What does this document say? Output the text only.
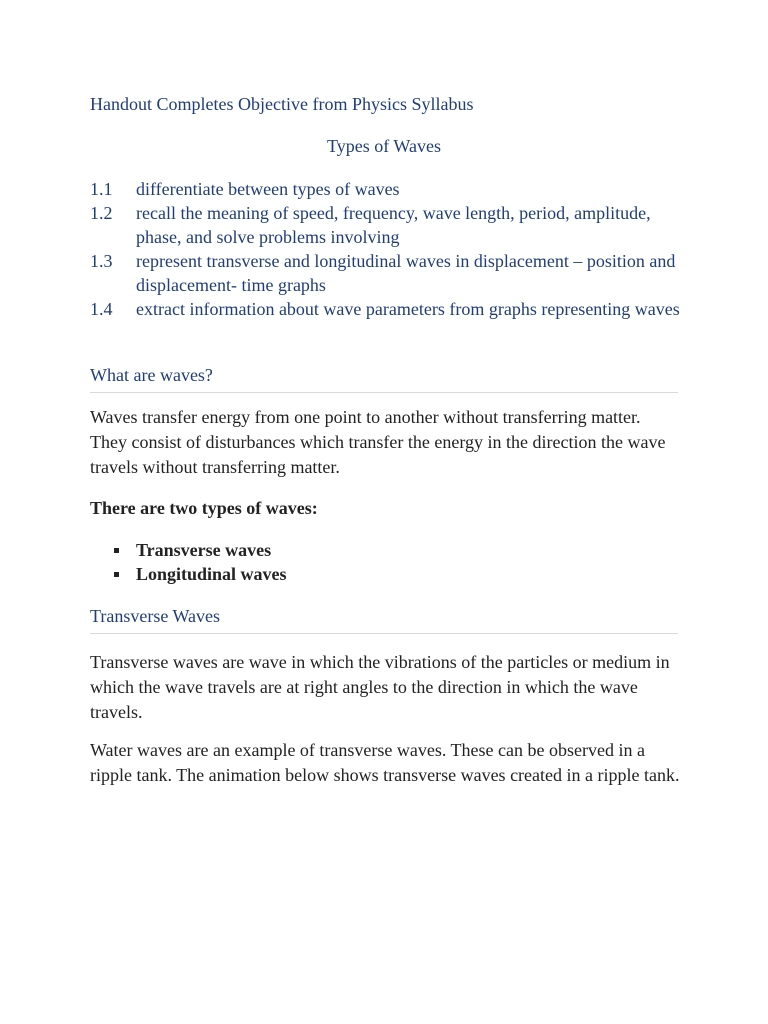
Handout Completes Objective from Physics Syllabus
Types of Waves
1.1	differentiate between types of waves
1.2	recall the meaning of speed, frequency, wave length, period, amplitude, phase, and solve problems involving
1.3	represent transverse and longitudinal waves in displacement – position and displacement- time graphs
1.4	extract information about wave parameters from graphs representing waves
What are waves?

Waves transfer energy from one point to another without transferring matter. They consist of disturbances which transfer the energy in the direction the wave travels without transferring matter.

There are two types of waves:
Transverse waves
Longitudinal waves
Transverse Waves

Transverse waves are wave in which the vibrations of the particles or medium in which the wave travels are at right angles to the direction in which the wave travels.

Water waves are an example of transverse waves. These can be observed in a ripple tank. The animation below shows transverse waves created in a ripple tank.
